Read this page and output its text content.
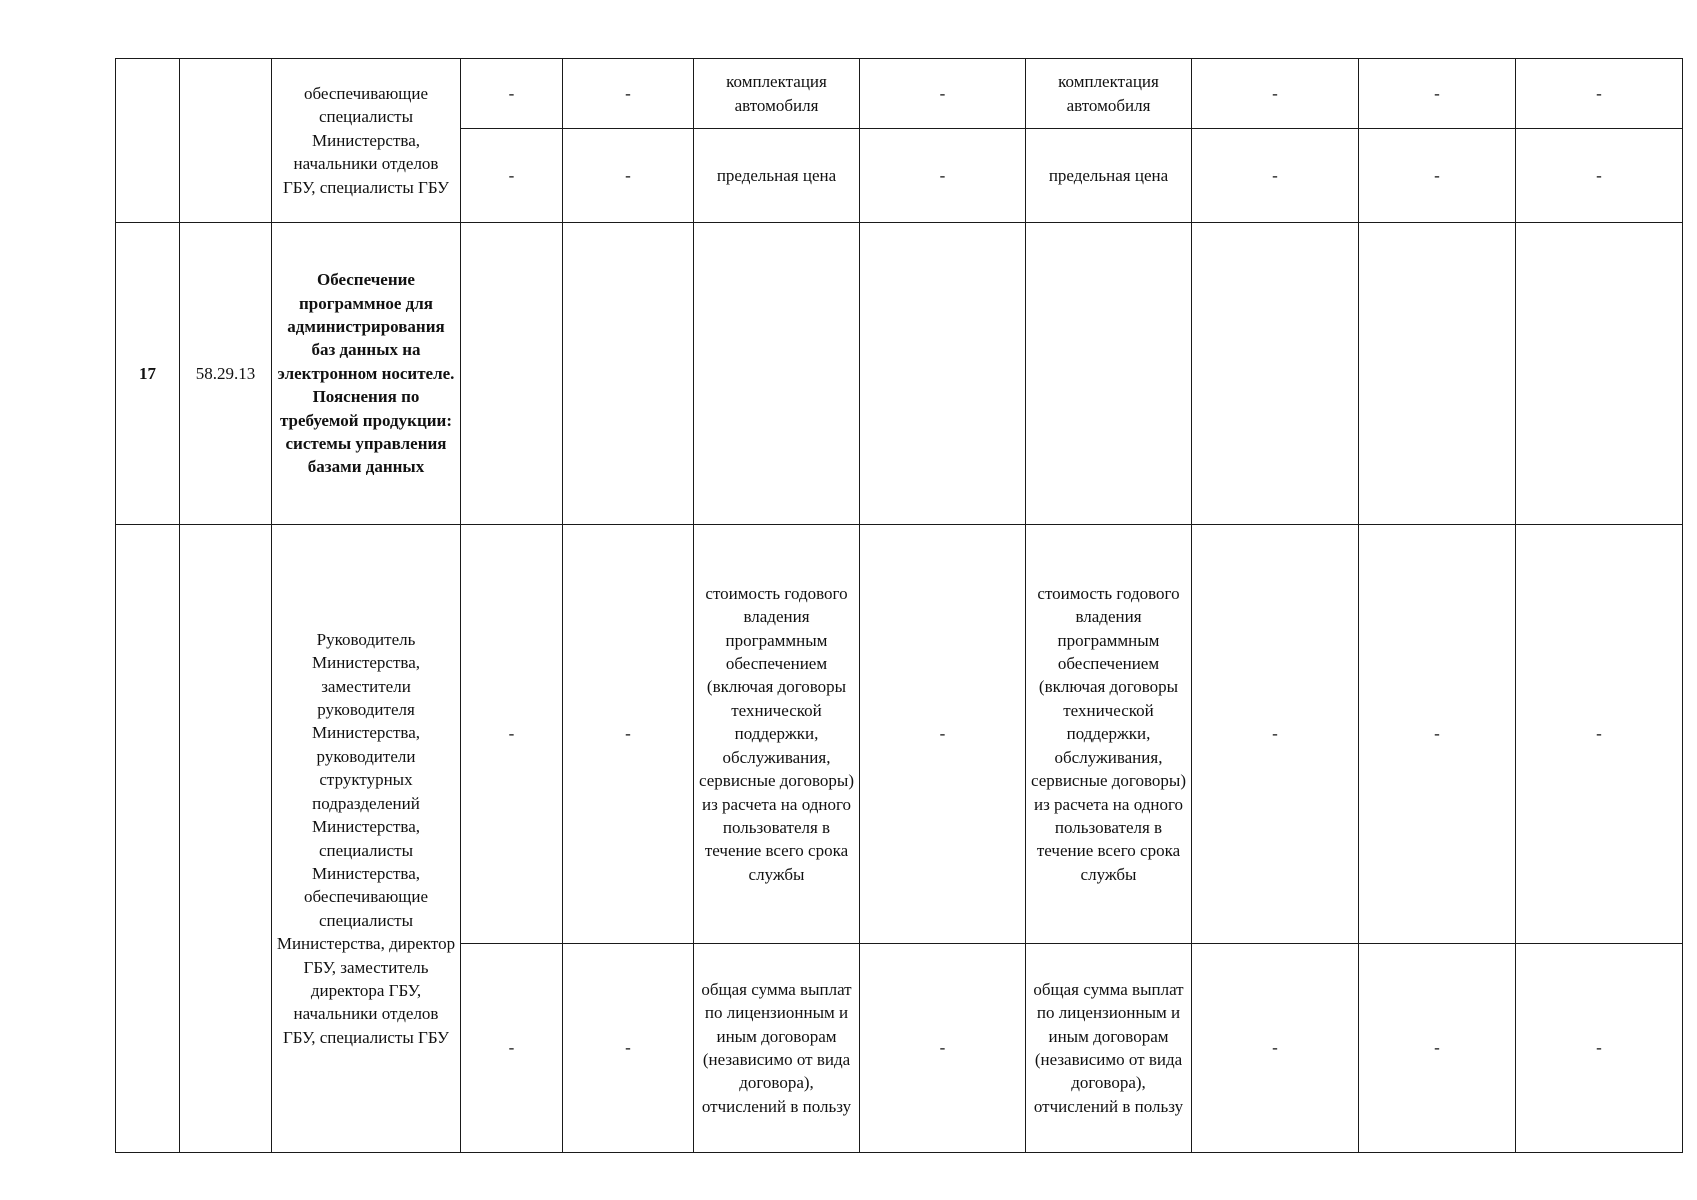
		обеспечивающие специалисты Министерства, начальники отделов ГБУ, специалисты ГБУ	-	-	комплектация автомобиля	-	комплектация автомобиля	-	-	-
			-	-	предельная цена	-	предельная цена	-	-	-
17	58.29.13	Обеспечение программное для администрирования баз данных на электронном носителе. Пояснения по требуемой продукции: системы управления базами данных								
		Руководитель Министерства, заместители руководителя Министерства, руководители структурных подразделений Министерства, специалисты Министерства, обеспечивающие специалисты Министерства, директор ГБУ, заместитель директора ГБУ, начальники отделов ГБУ, специалисты ГБУ	-	-	стоимость годового владения программным обеспечением (включая договоры технической поддержки, обслуживания, сервисные договоры) из расчета на одного пользователя в течение всего срока службы	-	стоимость годового владения программным обеспечением (включая договоры технической поддержки, обслуживания, сервисные договоры) из расчета на одного пользователя в течение всего срока службы	-	-	-
			-	-	общая сумма выплат по лицензионным и иным договорам (независимо от вида договора), отчислений в пользу	-	общая сумма выплат по лицензионным и иным договорам (независимо от вида договора), отчислений в пользу	-	-	-
